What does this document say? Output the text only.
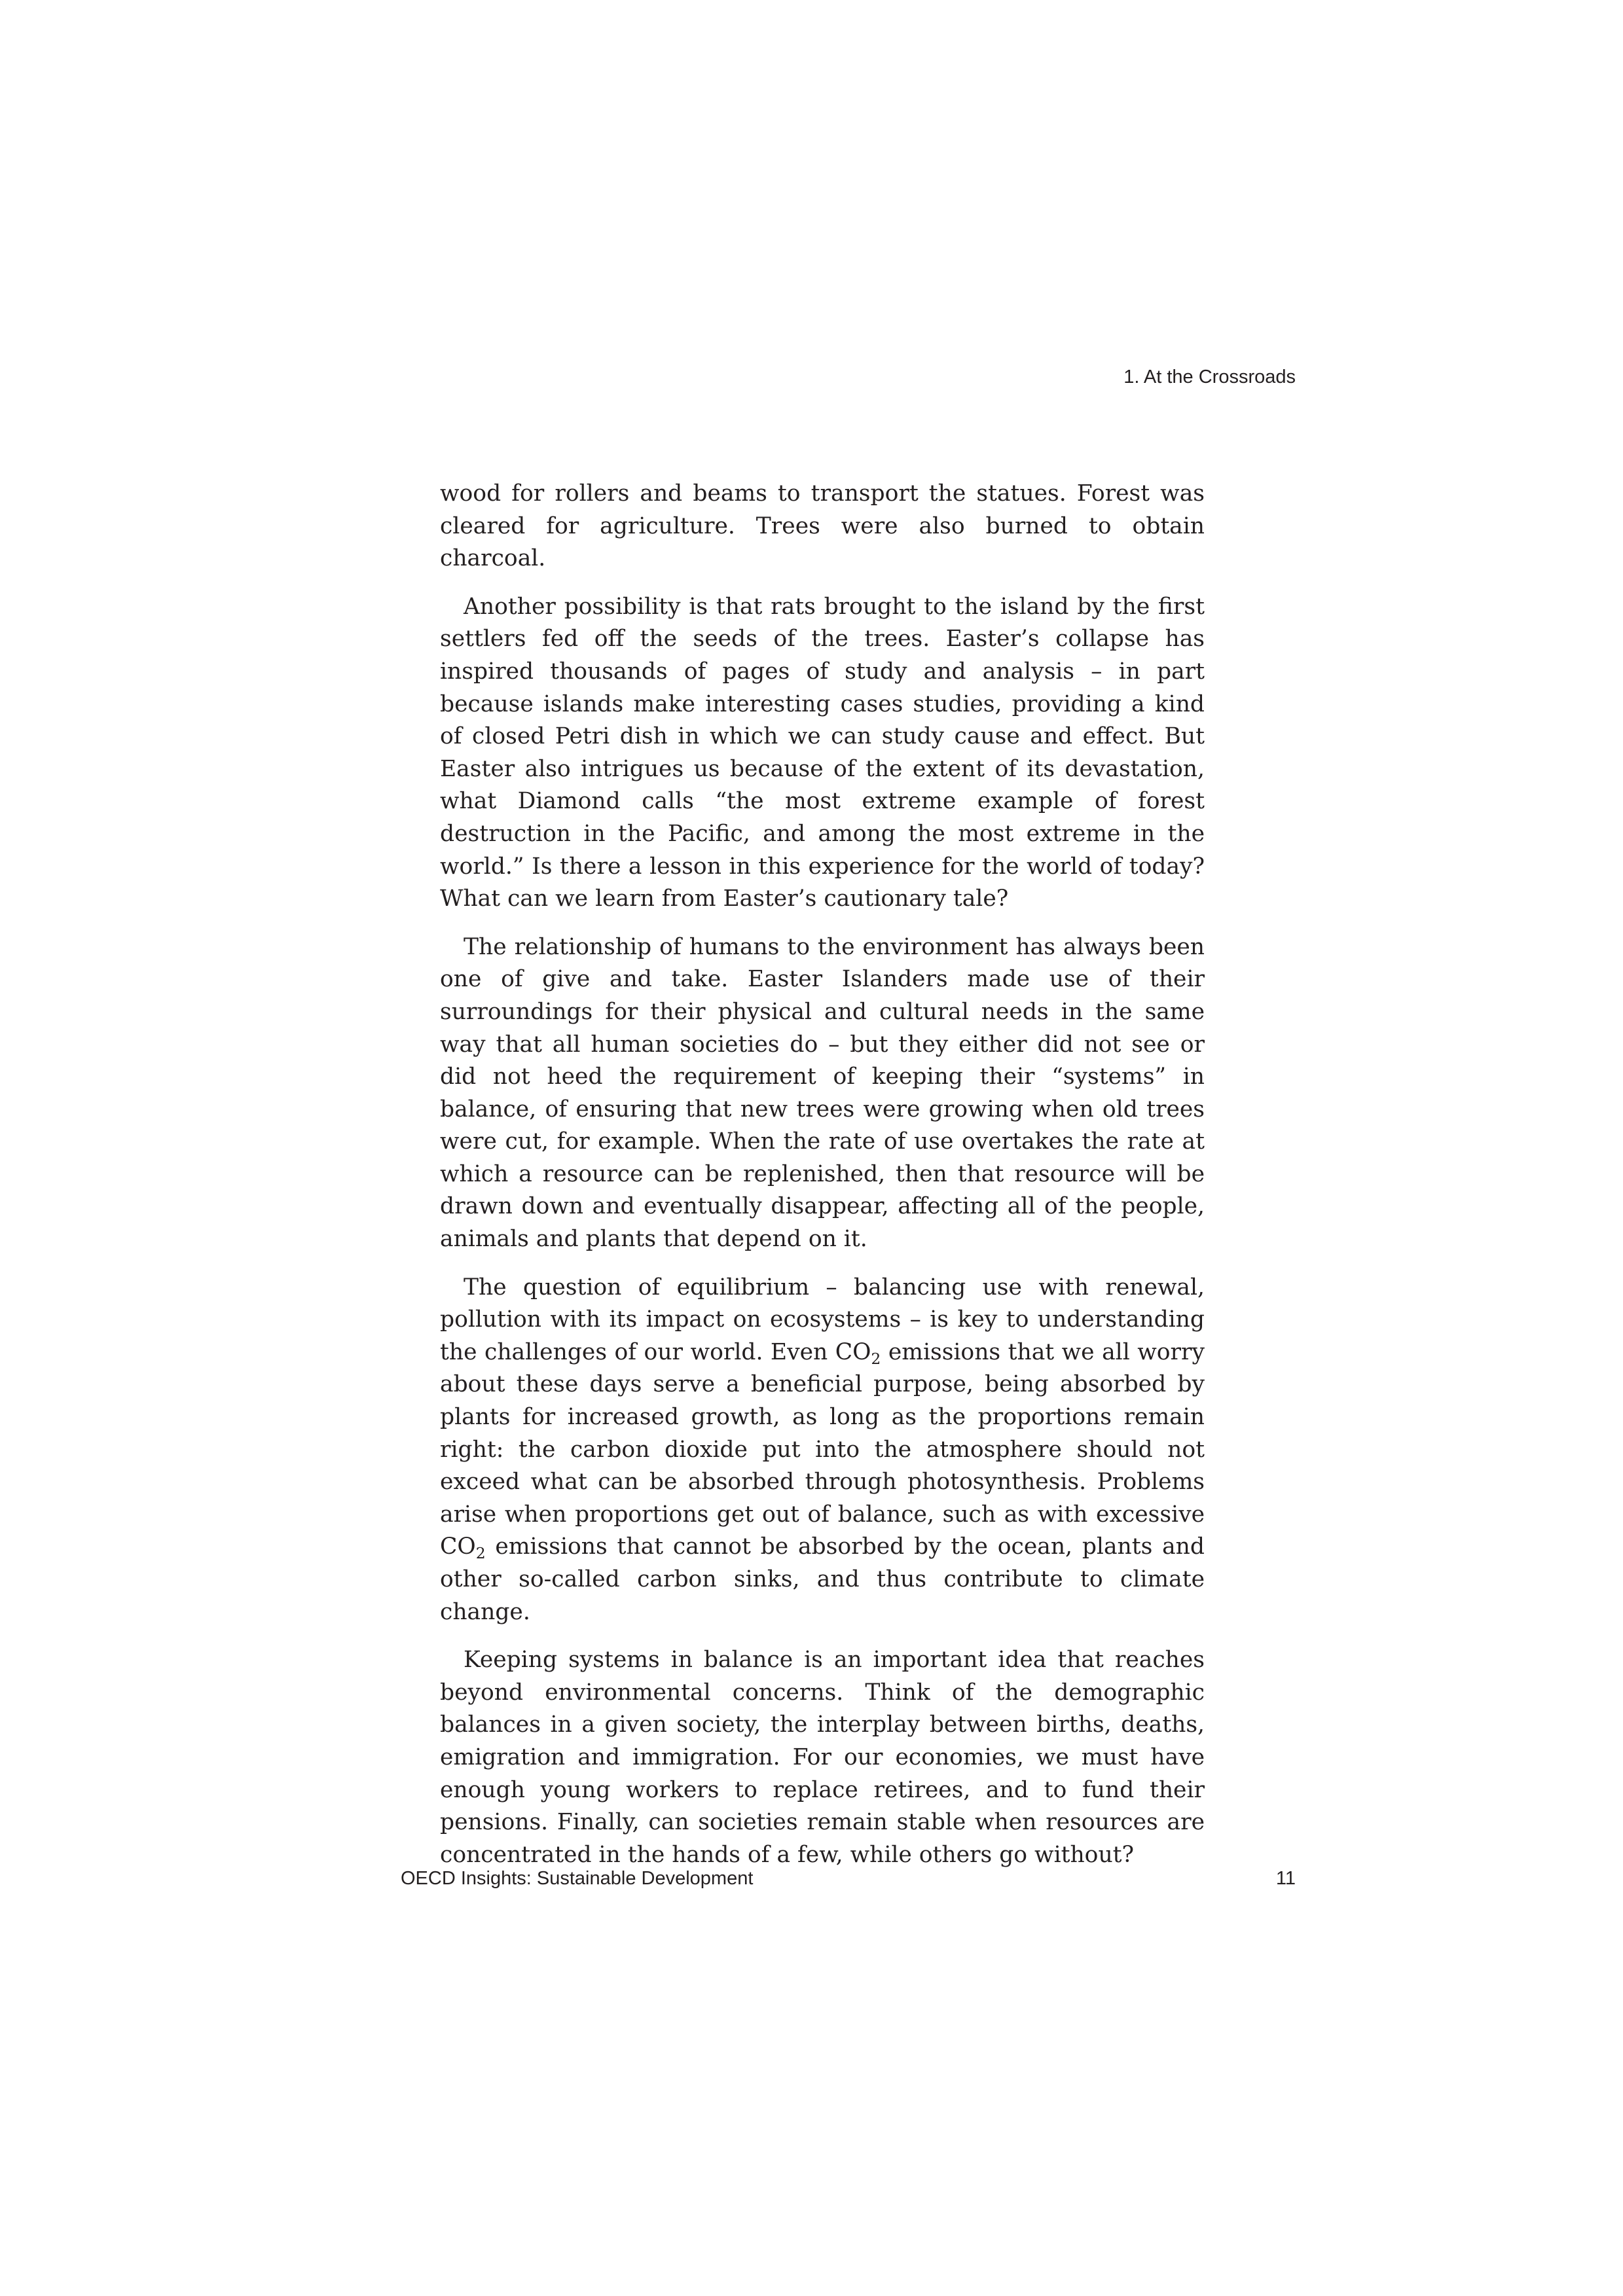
1. At the Crossroads

wood for rollers and beams to transport the statues. Forest was cleared for agriculture. Trees were also burned to obtain charcoal.

Another possibility is that rats brought to the island by the first settlers fed off the seeds of the trees. Easter’s collapse has inspired thousands of pages of study and analysis – in part because islands make interesting cases studies, providing a kind of closed Petri dish in which we can study cause and effect. But Easter also intrigues us because of the extent of its devastation, what Diamond calls “the most extreme example of forest destruction in the Pacific, and among the most extreme in the world.” Is there a lesson in this experience for the world of today? What can we learn from Easter’s cautionary tale?

The relationship of humans to the environment has always been one of give and take. Easter Islanders made use of their surroundings for their physical and cultural needs in the same way that all human societies do – but they either did not see or did not heed the requirement of keeping their “systems” in balance, of ensuring that new trees were growing when old trees were cut, for example. When the rate of use overtakes the rate at which a resource can be replenished, then that resource will be drawn down and eventually disappear, affecting all of the people, animals and plants that depend on it.

The question of equilibrium – balancing use with renewal, pollution with its impact on ecosystems – is key to understanding the challenges of our world. Even $CO_2$ emissions that we all worry about these days serve a beneficial purpose, being absorbed by plants for increased growth, as long as the proportions remain right: the carbon dioxide put into the atmosphere should not exceed what can be absorbed through photosynthesis. Problems arise when proportions get out of balance, such as with excessive $CO_2$ emissions that cannot be absorbed by the ocean, plants and other so-called carbon sinks, and thus contribute to climate change.

Keeping systems in balance is an important idea that reaches beyond environmental concerns. Think of the demographic balances in a given society, the interplay between births, deaths, emigration and immigration. For our economies, we must have enough young workers to replace retirees, and to fund their pensions. Finally, can societies remain stable when resources are concentrated in the hands of a few, while others go without?

OECD Insights: Sustainable Development	11
